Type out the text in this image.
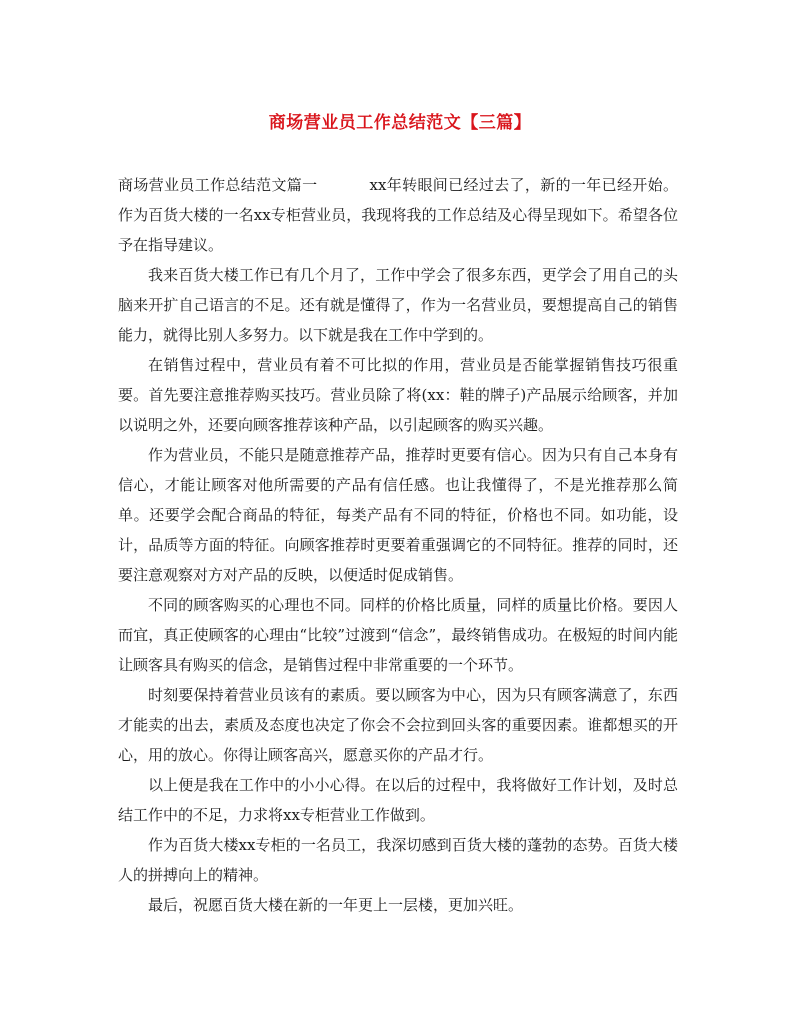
商场营业员工作总结范文【三篇】

商场营业员工作总结范文篇一	xx年转眼间已经过去了，新的一年已经开始。作为百货大楼的一名xx专柜营业员，我现将我的工作总结及心得呈现如下。希望各位予在指导建议。

我来百货大楼工作已有几个月了，工作中学会了很多东西，更学会了用自己的头脑来开扩自己语言的不足。还有就是懂得了，作为一名营业员，要想提高自己的销售能力，就得比别人多努力。以下就是我在工作中学到的。

在销售过程中，营业员有着不可比拟的作用，营业员是否能掌握销售技巧很重要。首先要注意推荐购买技巧。营业员除了将(xx：鞋的牌子)产品展示给顾客，并加以说明之外，还要向顾客推荐该种产品，以引起顾客的购买兴趣。

作为营业员，不能只是随意推荐产品，推荐时更要有信心。因为只有自己本身有信心，才能让顾客对他所需要的产品有信任感。也让我懂得了，不是光推荐那么简单。还要学会配合商品的特征，每类产品有不同的特征，价格也不同。如功能，设计，品质等方面的特征。向顾客推荐时更要着重强调它的不同特征。推荐的同时，还要注意观察对方对产品的反映，以便适时促成销售。

不同的顾客购买的心理也不同。同样的价格比质量，同样的质量比价格。要因人而宜，真正使顾客的心理由“比较”过渡到“信念”，最终销售成功。在极短的时间内能让顾客具有购买的信念，是销售过程中非常重要的一个环节。

时刻要保持着营业员该有的素质。要以顾客为中心，因为只有顾客满意了，东西才能卖的出去，素质及态度也决定了你会不会拉到回头客的重要因素。谁都想买的开心，用的放心。你得让顾客高兴，愿意买你的产品才行。

以上便是我在工作中的小小心得。在以后的过程中，我将做好工作计划，及时总结工作中的不足，力求将xx专柜营业工作做到。

作为百货大楼xx专柜的一名员工，我深切感到百货大楼的蓬勃的态势。百货大楼人的拼搏向上的精神。

最后，祝愿百货大楼在新的一年更上一层楼，更加兴旺。
